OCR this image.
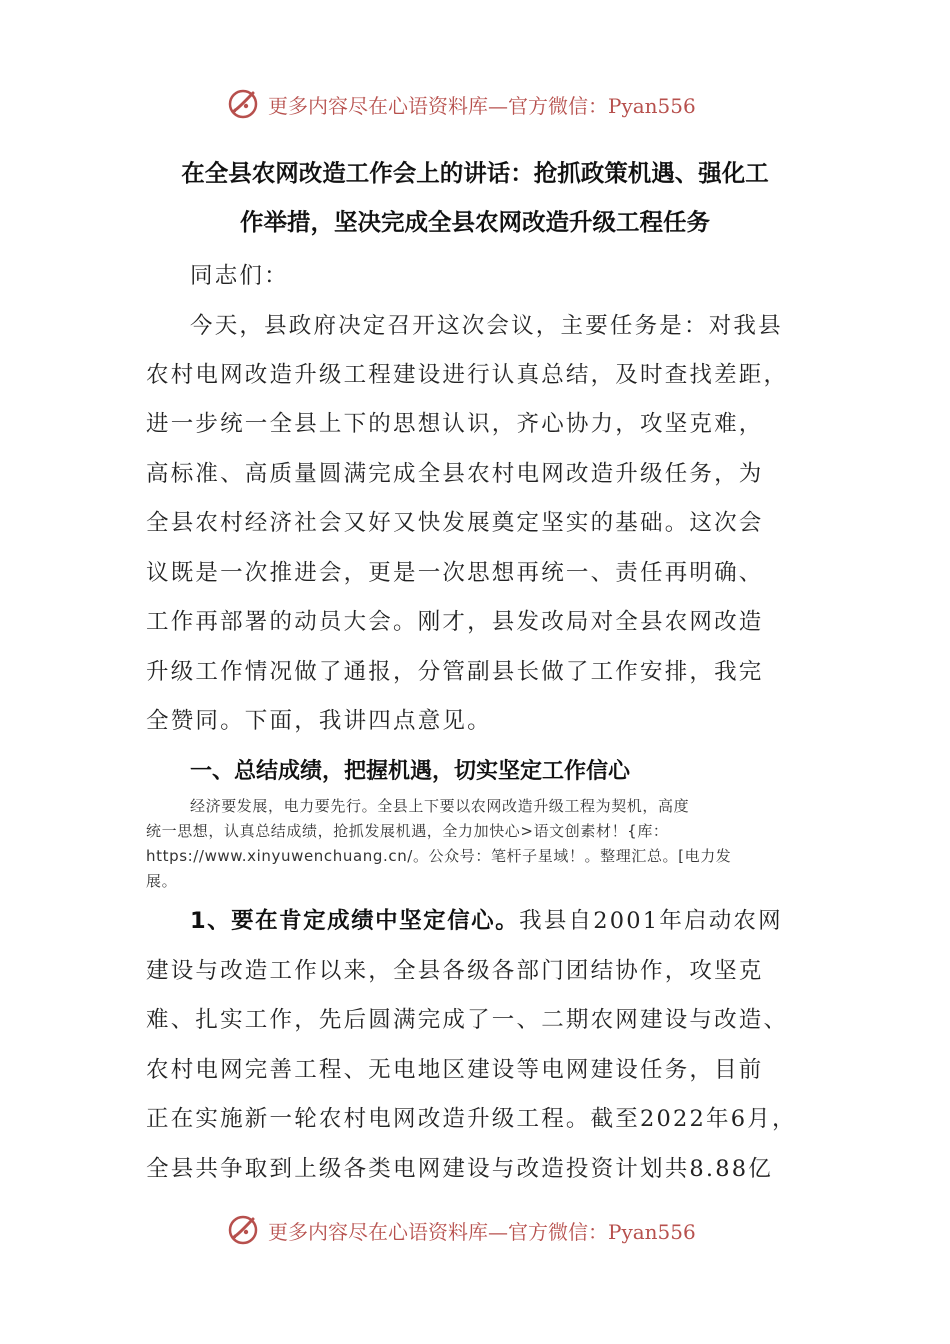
更多内容尽在心语资料库—官方微信：Pyan556
在全县农网改造工作会上的讲话：抢抓政策机遇、强化工
作举措，坚决完成全县农网改造升级工程任务
同志们：
今天，县政府决定召开这次会议，主要任务是：对我县
农村电网改造升级工程建设进行认真总结，及时查找差距，
进一步统一全县上下的思想认识，齐心协力，攻坚克难，
高标准、高质量圆满完成全县农村电网改造升级任务，为
全县农村经济社会又好又快发展奠定坚实的基础。这次会
议既是一次推进会，更是一次思想再统一、责任再明确、
工作再部署的动员大会。刚才，县发改局对全县农网改造
升级工作情况做了通报，分管副县长做了工作安排，我完
全赞同。下面，我讲四点意见。
一、总结成绩，把握机遇，切实坚定工作信心
经济要发展，电力要先行。全县上下要以农网改造升级工程为契机，高度
统一思想，认真总结成绩，抢抓发展机遇，全力加快心>语文创素材！{库：
https://www.xinyuwenchuang.cn/。公众号：笔杆子星域！。整理汇总。[电力发
展。
1、要在肯定成绩中坚定信心。我县自2001年启动农网
建设与改造工作以来，全县各级各部门团结协作，攻坚克
难、扎实工作，先后圆满完成了一、二期农网建设与改造、
农村电网完善工程、无电地区建设等电网建设任务，目前
正在实施新一轮农村电网改造升级工程。截至2022年6月，
全县共争取到上级各类电网建设与改造投资计划共8.88亿
更多内容尽在心语资料库—官方微信：Pyan556
